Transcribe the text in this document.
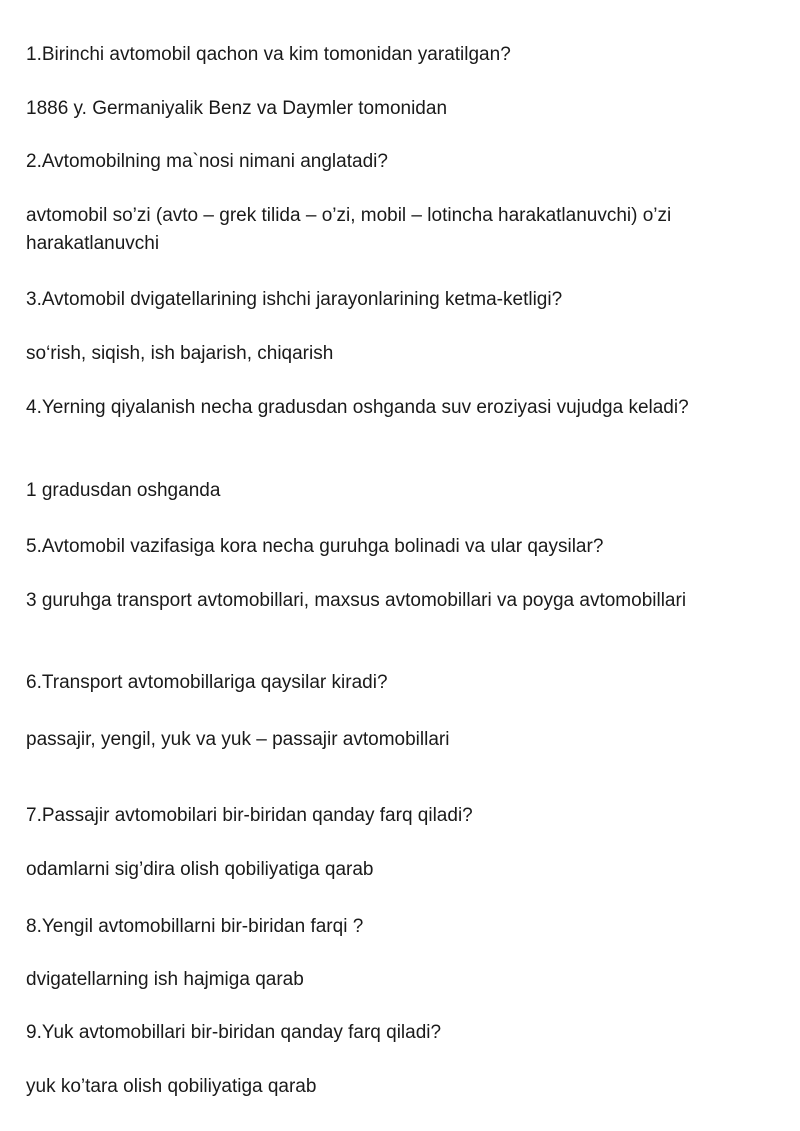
1.Birinchi avtomobil qachon va kim tomonidan yaratilgan?

1886 y. Germaniyalik Benz va Daymler tomonidan

2.Avtomobilning ma`nosi nimani anglatadi?

avtomobil so’zi (avto – grek tilida – o’zi, mobil – lotincha harakatlanuvchi) o’zi harakatlanuvchi

3.Avtomobil dvigatellarining ishchi jarayonlarining ketma-ketligi?

so‘rish, siqish, ish bajarish, chiqarish

4.Yerning qiyalanish necha gradusdan oshganda suv eroziyasi vujudga keladi?

1 gradusdan oshganda

5.Avtomobil vazifasiga kora necha guruhga bolinadi va ular qaysilar?

3 guruhga transport avtomobillari, maxsus avtomobillari va poyga avtomobillari

6.Transport avtomobillariga qaysilar kiradi?

passajir, yengil, yuk va yuk – passajir avtomobillari

7.Passajir avtomobilari bir-biridan qanday farq qiladi?

odamlarni sig’dira olish qobiliyatiga qarab

8.Yengil avtomobillarni bir-biridan farqi ?

dvigatellarning ish hajmiga qarab

9.Yuk avtomobillari bir-biridan qanday farq qiladi?

yuk ko’tara olish qobiliyatiga qarab
